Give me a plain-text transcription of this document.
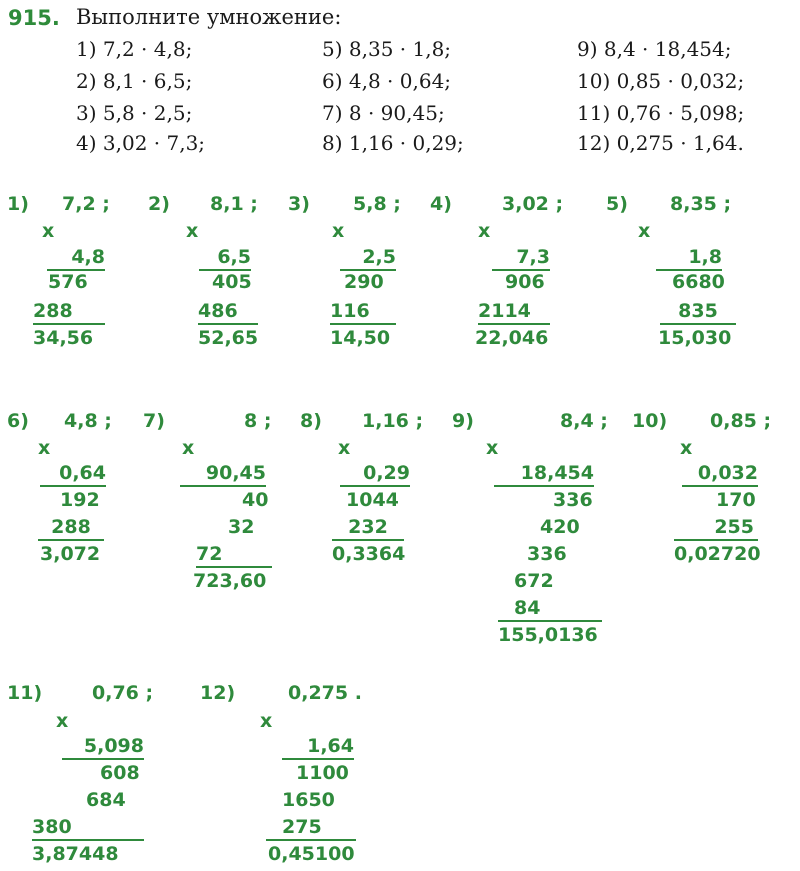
915. Выполните умножение:
1) 7,2 · 4,8;
2) 8,1 · 6,5;
3) 5,8 · 2,5;
4) 3,02 · 7,3;
5) 8,35 · 1,8;
6) 4,8 · 0,64;
7) 8 · 90,45;
8) 1,16 · 0,29;
9) 8,4 · 18,454;
10) 0,85 · 0,032;
11) 0,76 · 5,098;
12) 0,275 · 1,64.
1) 7,2 ;
x
4,8
576
288
34,56
2) 8,1 ;
x
6,5
405
486
52,65
3) 5,8 ;
x
2,5
290
116
14,50
4)	3,02 ;
x
7,3
906
2114
22,046
5) 8,35 ;
x
1,8
6680
835
15,030
6) 4,8 ;
x
0,64
192
288
3,072
7)	8 ;
x
90,45
40
32
72
723,60
8) 1,16 ;
x
0,29
1044
232
0,3364
9)	8,4 ;
x
18,454
336
420
336
672
84
155,0136
10) 0,85 ;
x
0,032
170
255
0,02720
11)	0,76 ;
x
5,098
608
684
380
3,87448
12)	0,275 .
x
1,64
1100
1650
275
0,45100
